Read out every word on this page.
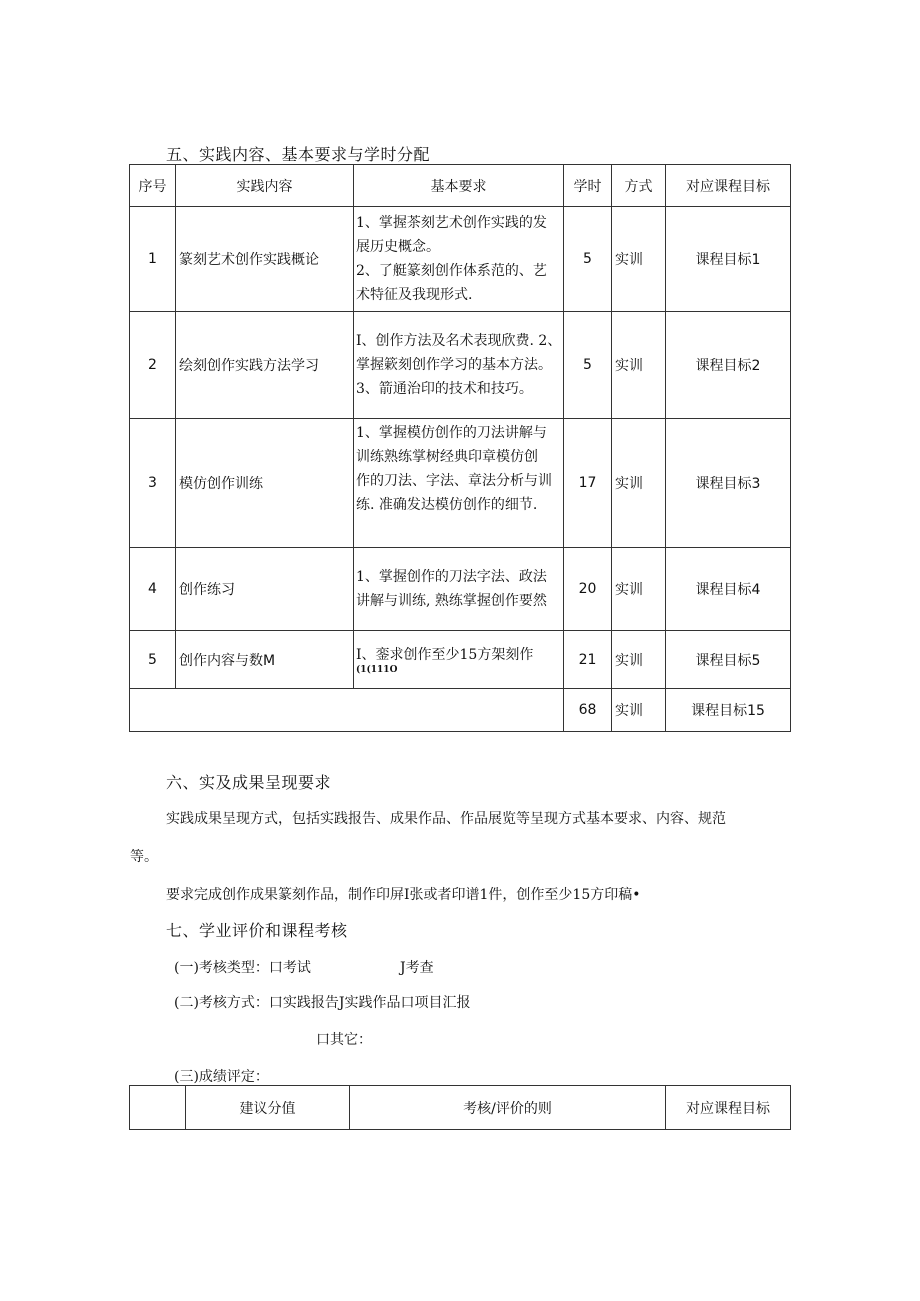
五、实践内容、基本要求与学时分配
序号	实践内容	基本要求	学时	方式	对应课程目标
1	篆刻艺术创作实践概论	1、掌握茶刻艺术创作实践的发
展历史概念。
2、了艇篆刻创作体系范的、艺
术特征及我现形式.	5	实训	课程目标1
2	绘刻创作实践方法学习	I、创作方法及名术表现欣费. 2、
掌握簌刻创作学习的基本方法。
3、箭通治印的技术和技巧。	5	实训	课程目标2
3	模仿创作训练	1、掌握模仿创作的刀法讲解与
训练熟练掌树经典印章模仿创
作的刀法、字法、章法分析与训
练. 准确发达模仿创作的细节.	17	实训	课程目标3
4	创作练习	1、掌握创作的刀法字法、政法
讲解与训练, 熟练掌握创作要然	20	实训	课程目标4
5	创作内容与数M	I、銮求创作至少15方架刻作
(1(111O	21	实训	课程目标5
			68	实训	课程目标15
六、实及成果呈现要求
实践成果呈现方式，包括实践报告、成果作品、作品展览等呈现方式基本要求、内容、规范
等。
要求完成创作成果篆刻作品，制作印屏I张或者印谱1件，创作至少15方印稿•
七、学业评价和课程考核
(一)考核类型：口考试	J考查
(二)考核方式：口实践报告J实践作品口项目汇报
口其它：
(三)成绩评定：
	建议分值	考核/评价的则	对应课程目标
